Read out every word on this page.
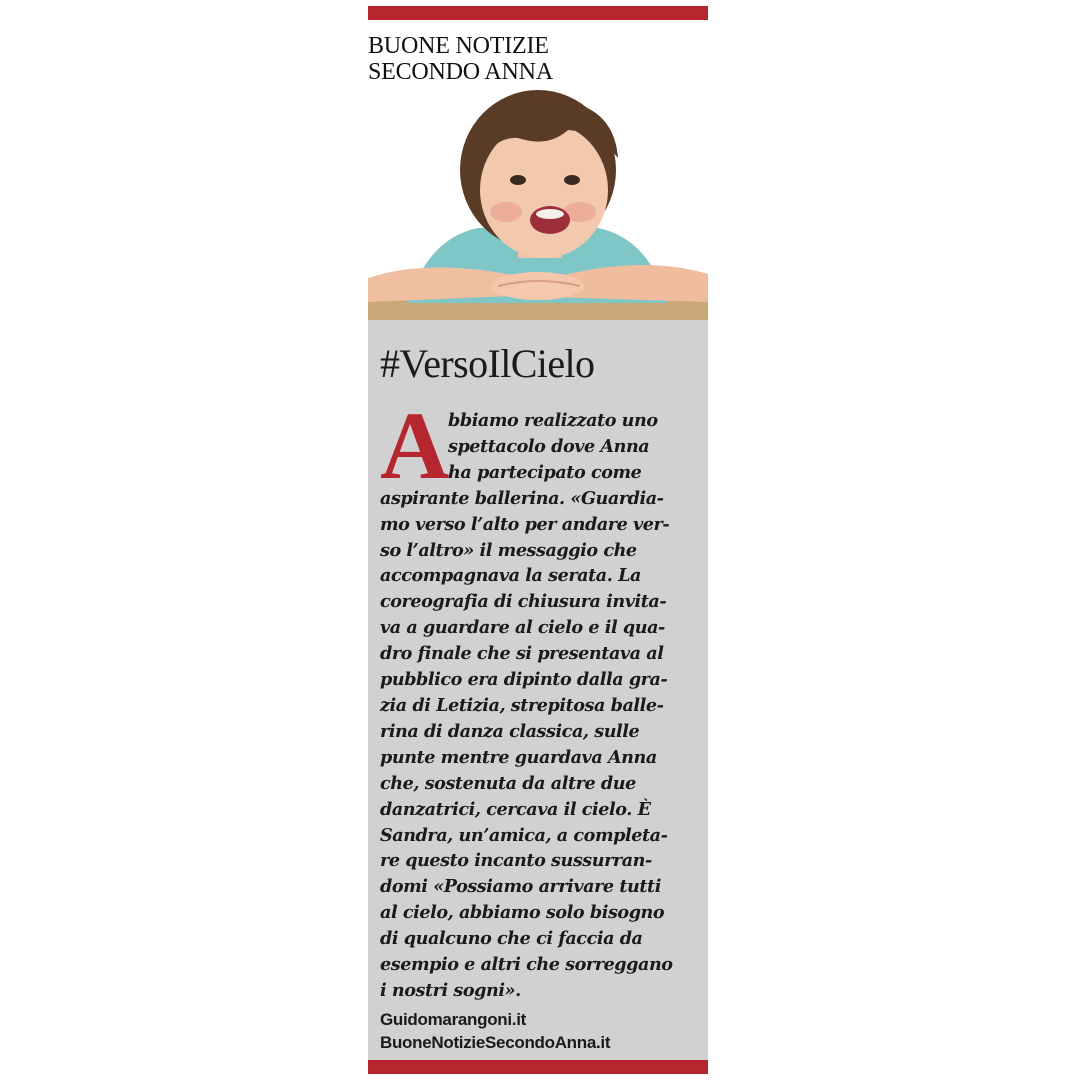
BUONE NOTIZIE
SECONDO ANNA
#VersoIlCielo
A
bbiamo realizzato uno
spettacolo dove Anna
ha partecipato come
aspirante ballerina. «Guardia-
mo verso l’alto per andare ver-
so l’altro» il messaggio che
accompagnava la serata. La
coreografia di chiusura invita-
va a guardare al cielo e il qua-
dro finale che si presentava al
pubblico era dipinto dalla gra-
zia di Letizia, strepitosa balle-
rina di danza classica, sulle
punte mentre guardava Anna
che, sostenuta da altre due
danzatrici, cercava il cielo. È
Sandra, un’amica, a completa-
re questo incanto sussurran-
domi «Possiamo arrivare tutti
al cielo, abbiamo solo bisogno
di qualcuno che ci faccia da
esempio e altri che sorreggano
i nostri sogni».
Guidomarangoni.it
BuoneNotizieSecondoAnna.it
